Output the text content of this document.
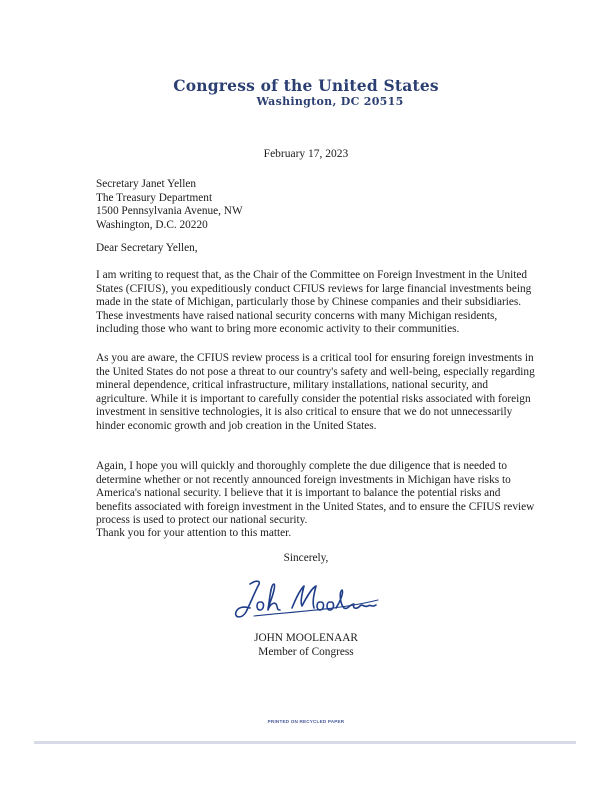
Congress of the United States
Washington, DC 20515
February 17, 2023
Secretary Janet Yellen
The Treasury Department
1500 Pennsylvania Avenue, NW
Washington, D.C. 20220
Dear Secretary Yellen,

I am writing to request that, as the Chair of the Committee on Foreign Investment in the United

States (CFIUS), you expeditiously conduct CFIUS reviews for large financial investments being

made in the state of Michigan, particularly those by Chinese companies and their subsidiaries.

These investments have raised national security concerns with many Michigan residents,

including those who want to bring more economic activity to their communities.

As you are aware, the CFIUS review process is a critical tool for ensuring foreign investments in

the United States do not pose a threat to our country's safety and well-being, especially regarding

mineral dependence, critical infrastructure, military installations, national security, and

agriculture. While it is important to carefully consider the potential risks associated with foreign

investment in sensitive technologies, it is also critical to ensure that we do not unnecessarily

hinder economic growth and job creation in the United States.

Again, I hope you will quickly and thoroughly complete the due diligence that is needed to

determine whether or not recently announced foreign investments in Michigan have risks to

America's national security. I believe that it is important to balance the potential risks and

benefits associated with foreign investment in the United States, and to ensure the CFIUS review

process is used to protect our national security.

Thank you for your attention to this matter.
Sincerely,
JOHN MOOLENAAR
Member of Congress
PRINTED ON RECYCLED PAPER
